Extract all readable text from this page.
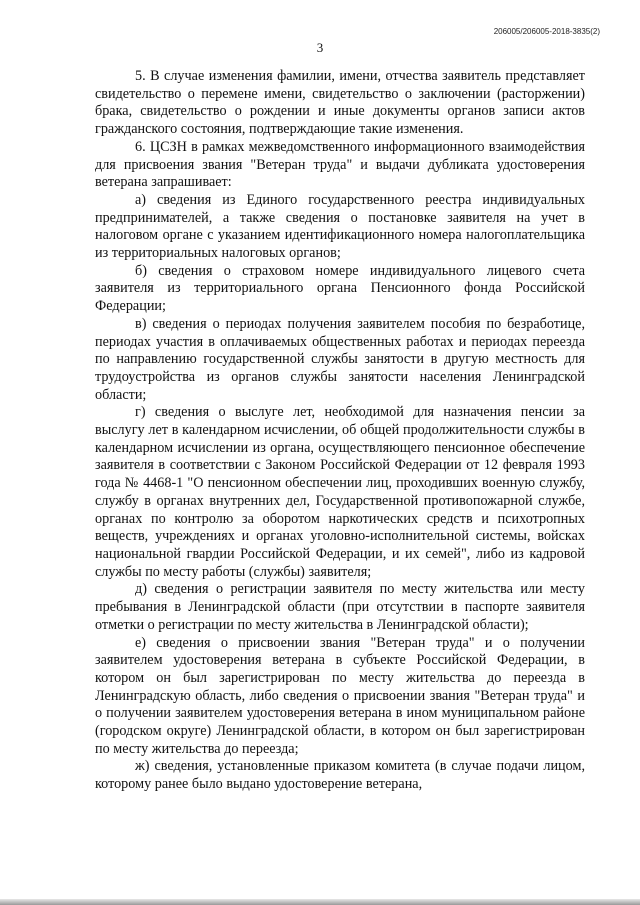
206005/206005-2018-3835(2)
3

5. В случае изменения фамилии, имени, отчества заявитель представляет свидетельство о перемене имени, свидетельство о заключении (расторжении) брака, свидетельство о рождении и иные документы органов записи актов гражданского состояния, подтверждающие такие изменения.

6. ЦСЗН в рамках межведомственного информационного взаимодействия для присвоения звания "Ветеран труда" и выдачи дубликата удостоверения ветерана запрашивает:

а) сведения из Единого государственного реестра индивидуальных предпринимателей, а также сведения о постановке заявителя на учет в налоговом органе с указанием идентификационного номера налогоплательщика из территориальных налоговых органов;

б) сведения о страховом номере индивидуального лицевого счета заявителя из территориального органа Пенсионного фонда Российской Федерации;

в) сведения о периодах получения заявителем пособия по безработице, периодах участия в оплачиваемых общественных работах и периодах переезда по направлению государственной службы занятости в другую местность для трудоустройства из органов службы занятости населения Ленинградской области;

г) сведения о выслуге лет, необходимой для назначения пенсии за выслугу лет в календарном исчислении, об общей продолжительности службы в календарном исчислении из органа, осуществляющего пенсионное обеспечение заявителя в соответствии с Законом Российской Федерации от 12 февраля 1993 года № 4468-1 "О пенсионном обеспечении лиц, проходивших военную службу, службу в органах внутренних дел, Государственной противопожарной службе, органах по контролю за оборотом наркотических средств и психотропных веществ, учреждениях и органах уголовно-исполнительной системы, войсках национальной гвардии Российской Федерации, и их семей", либо из кадровой службы по месту работы (службы) заявителя;

д) сведения о регистрации заявителя по месту жительства или месту пребывания в Ленинградской области (при отсутствии в паспорте заявителя отметки о регистрации по месту жительства в Ленинградской области);

е) сведения о присвоении звания "Ветеран труда" и о получении заявителем удостоверения ветерана в субъекте Российской Федерации, в котором он был зарегистрирован по месту жительства до переезда в Ленинградскую область, либо сведения о присвоении звания "Ветеран труда" и о получении заявителем удостоверения ветерана в ином муниципальном районе (городском округе) Ленинградской области, в котором он был зарегистрирован по месту жительства до переезда;

ж) сведения, установленные приказом комитета (в случае подачи лицом, которому ранее было выдано удостоверение ветерана,
